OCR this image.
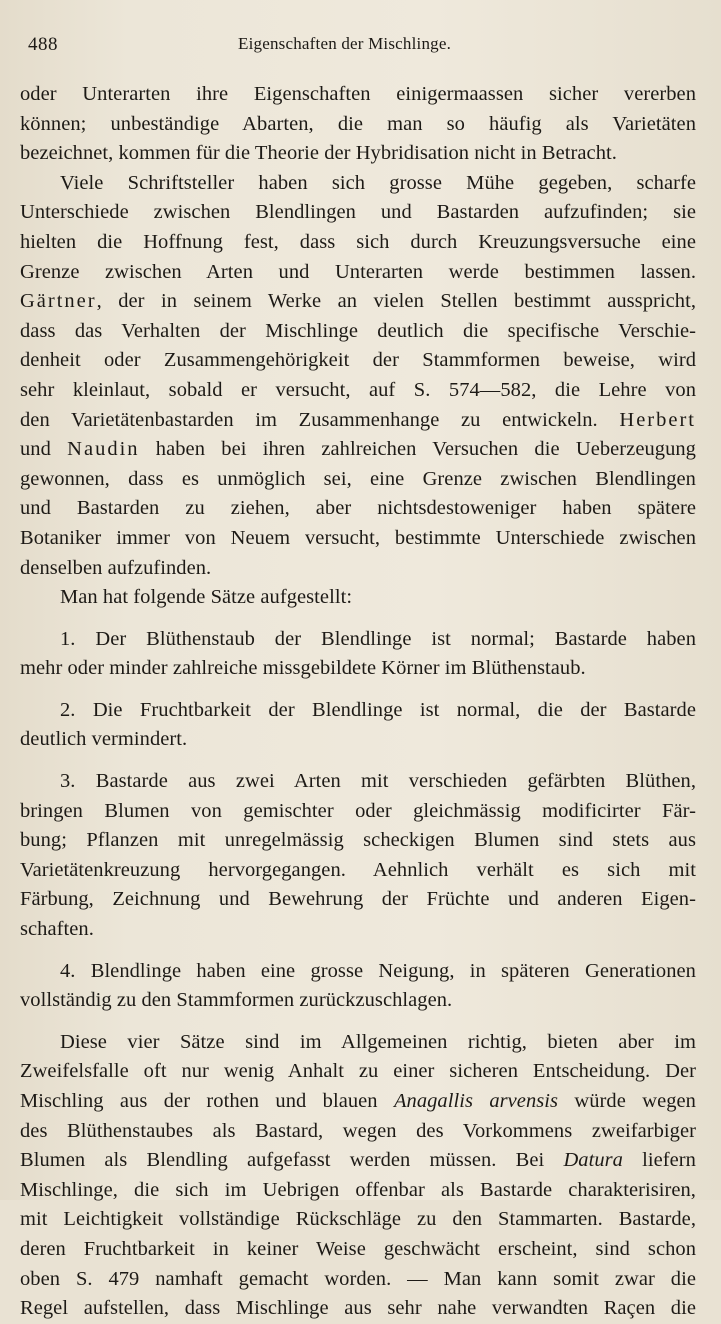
488	Eigenschaften der Mischlinge.
oder Unterarten ihre Eigenschaften einigermaassen sicher vererben
können; unbeständige Abarten, die man so häufig als Varietäten
bezeichnet, kommen für die Theorie der Hybridisation nicht in Betracht.
Viele Schriftsteller haben sich grosse Mühe gegeben, scharfe
Unterschiede zwischen Blendlingen und Bastarden aufzufinden; sie
hielten die Hoffnung fest, dass sich durch Kreuzungsversuche eine
Grenze zwischen Arten und Unterarten werde bestimmen lassen.
Gärtner, der in seinem Werke an vielen Stellen bestimmt ausspricht,
dass das Verhalten der Mischlinge deutlich die specifische Verschie-
denheit oder Zusammengehörigkeit der Stammformen beweise, wird
sehr kleinlaut, sobald er versucht, auf S. 574—582, die Lehre von
den Varietätenbastarden im Zusammenhange zu entwickeln. Herbert
und Naudin haben bei ihren zahlreichen Versuchen die Ueberzeugung
gewonnen, dass es unmöglich sei, eine Grenze zwischen Blendlingen
und Bastarden zu ziehen, aber nichtsdestoweniger haben spätere
Botaniker immer von Neuem versucht, bestimmte Unterschiede zwischen
denselben aufzufinden.
Man hat folgende Sätze aufgestellt:
1. Der Blüthenstaub der Blendlinge ist normal; Bastarde haben
mehr oder minder zahlreiche missgebildete Körner im Blüthenstaub.
2. Die Fruchtbarkeit der Blendlinge ist normal, die der Bastarde
deutlich vermindert.
3. Bastarde aus zwei Arten mit verschieden gefärbten Blüthen,
bringen Blumen von gemischter oder gleichmässig modificirter Fär-
bung; Pflanzen mit unregelmässig scheckigen Blumen sind stets aus
Varietätenkreuzung hervorgegangen. Aehnlich verhält es sich mit
Färbung, Zeichnung und Bewehrung der Früchte und anderen Eigen-
schaften.
4. Blendlinge haben eine grosse Neigung, in späteren Generationen
vollständig zu den Stammformen zurückzuschlagen.
Diese vier Sätze sind im Allgemeinen richtig, bieten aber im
Zweifelsfalle oft nur wenig Anhalt zu einer sicheren Entscheidung. Der
Mischling aus der rothen und blauen Anagallis arvensis würde wegen
des Blüthenstaubes als Bastard, wegen des Vorkommens zweifarbiger
Blumen als Blendling aufgefasst werden müssen. Bei Datura liefern
Mischlinge, die sich im Uebrigen offenbar als Bastarde charakterisiren,
mit Leichtigkeit vollständige Rückschläge zu den Stammarten. Bastarde,
deren Fruchtbarkeit in keiner Weise geschwächt erscheint, sind schon
oben S. 479 namhaft gemacht worden. — Man kann somit zwar die
Regel aufstellen, dass Mischlinge aus sehr nahe verwandten Raçen die
